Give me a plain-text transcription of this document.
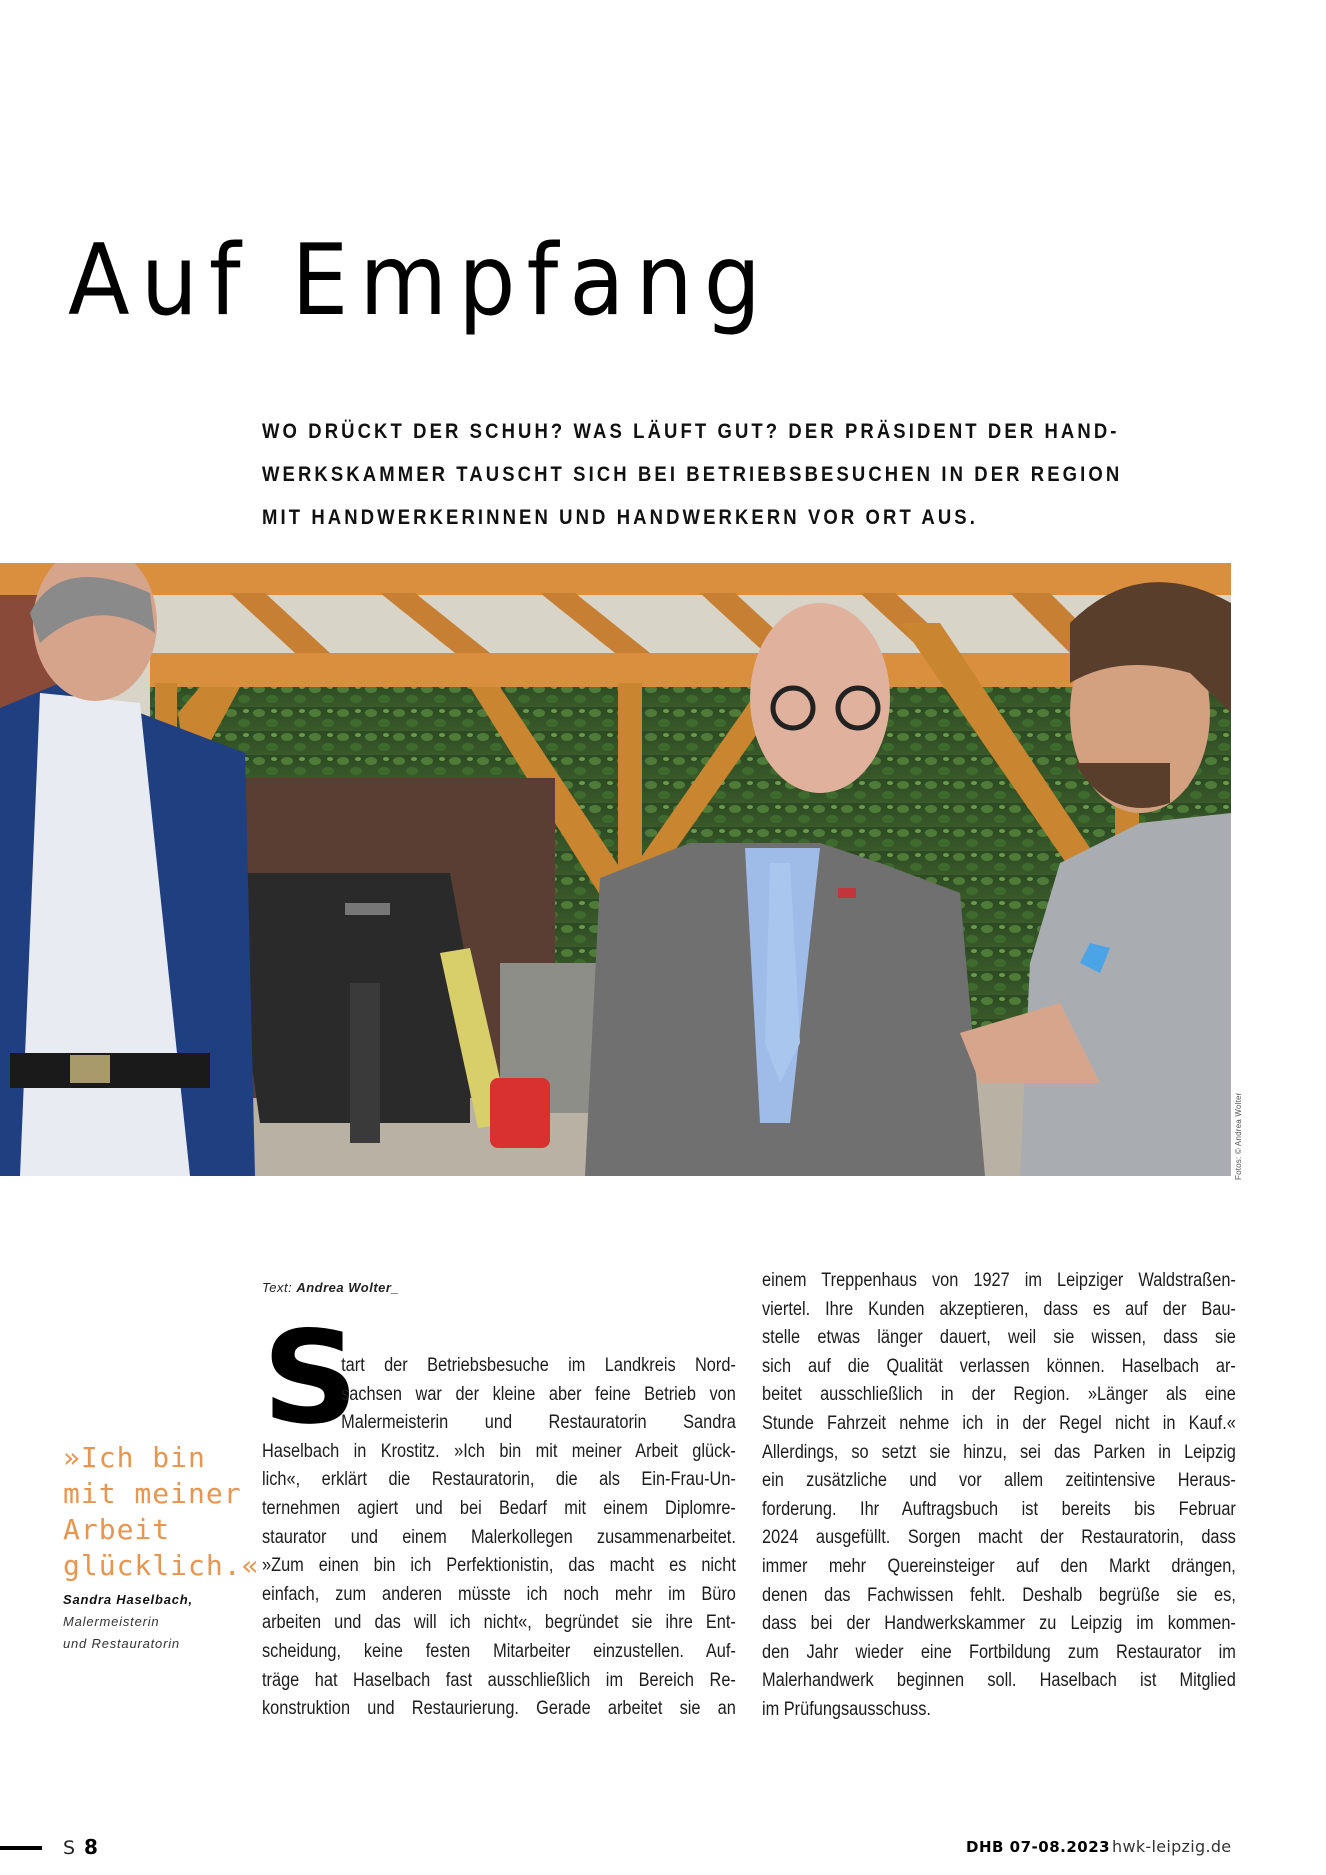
Auf Empfang
WO DRÜCKT DER SCHUH? WAS LÄUFT GUT? DER PRÄSIDENT DER HAND-
WERKSKAMMER TAUSCHT SICH BEI BETRIEBSBESUCHEN IN DER REGION
MIT HANDWERKERINNEN UND HANDWERKERN VOR ORT AUS.
Fotos: © Andrea Wolter
Text: Andrea Wolter_
S
tart der Betriebsbesuche im Landkreis Nord-
sachsen war der kleine aber feine Betrieb von
Malermeisterin und Restauratorin Sandra
Haselbach in Krostitz. »Ich bin mit meiner Arbeit glück-
lich«, erklärt die Restauratorin, die als Ein-Frau-Un-
ternehmen agiert und bei Bedarf mit einem Diplomre-
staurator und einem Malerkollegen zusammenarbeitet.
»Zum einen bin ich Perfektionistin, das macht es nicht
einfach, zum anderen müsste ich noch mehr im Büro
arbeiten und das will ich nicht«, begründet sie ihre Ent-
scheidung, keine festen Mitarbeiter einzustellen. Auf-
träge hat Haselbach fast ausschließlich im Bereich Re-
konstruktion und Restaurierung. Gerade arbeitet sie an
einem Treppenhaus von 1927 im Leipziger Waldstraßen-
viertel. Ihre Kunden akzeptieren, dass es auf der Bau-
stelle etwas länger dauert, weil sie wissen, dass sie
sich auf die Qualität verlassen können. Haselbach ar-
beitet ausschließlich in der Region. »Länger als eine
Stunde Fahrzeit nehme ich in der Regel nicht in Kauf.«
Allerdings, so setzt sie hinzu, sei das Parken in Leipzig
ein zusätzliche und vor allem zeitintensive Heraus-
forderung. Ihr Auftragsbuch ist bereits bis Februar
2024 ausgefüllt. Sorgen macht der Restauratorin, dass
immer mehr Quereinsteiger auf den Markt drängen,
denen das Fachwissen fehlt. Deshalb begrüße sie es,
dass bei der Handwerkskammer zu Leipzig im kommen-
den Jahr wieder eine Fortbildung zum Restaurator im
Malerhandwerk beginnen soll. Haselbach ist Mitglied
im Prüfungsausschuss.
»Ich bin
mit meiner
Arbeit
glücklich.«
Sandra Haselbach,
Malermeisterin
und Restauratorin
S 8	DHB 07-08.2023 hwk-leipzig.de
